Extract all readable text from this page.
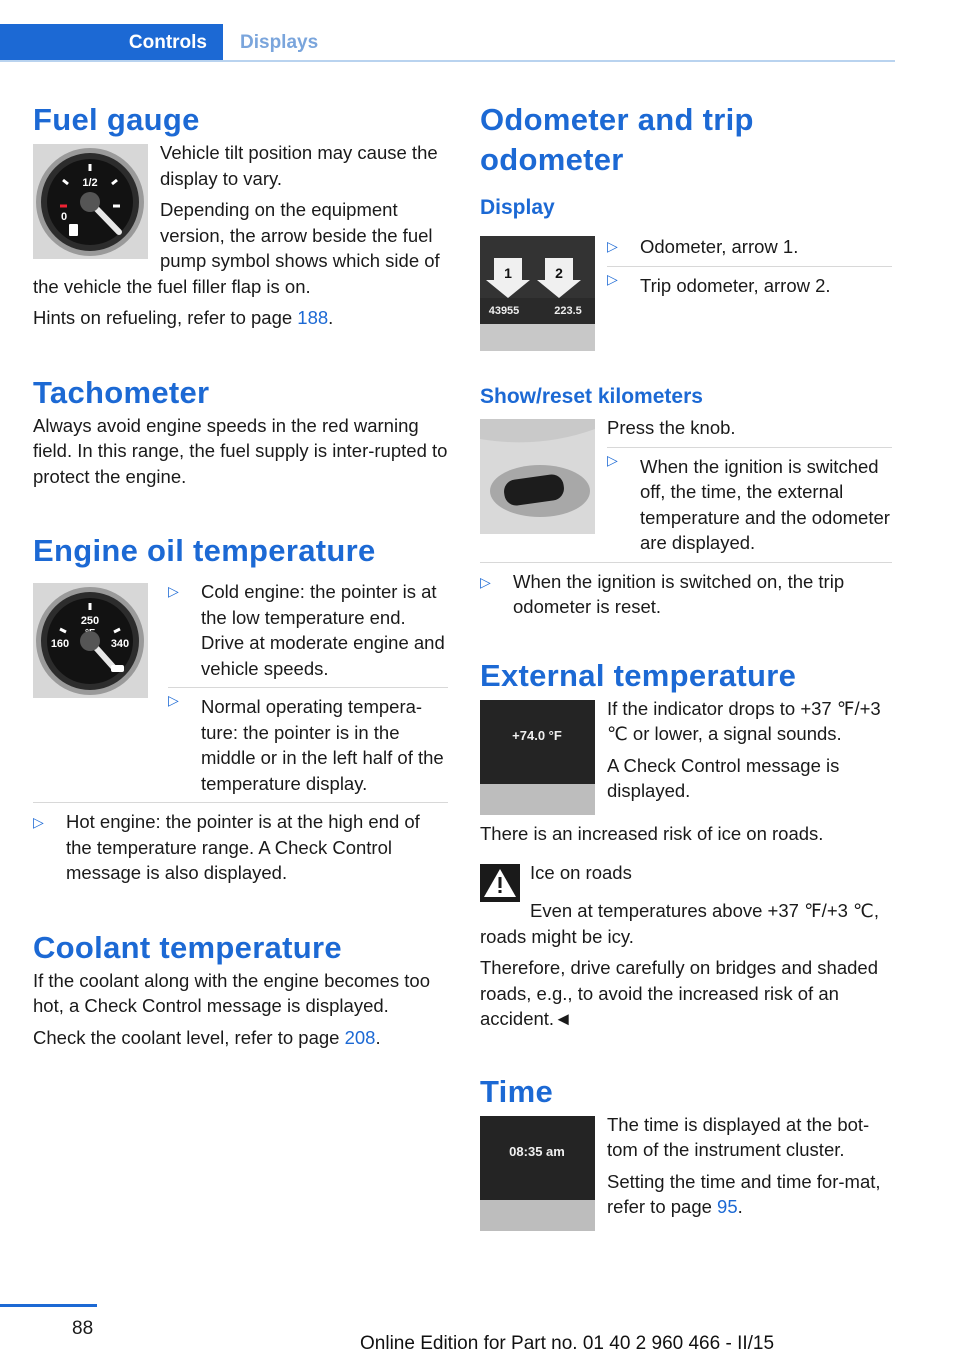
Controls	Displays
Fuel gauge
1/2
0

Vehicle tilt position may cause the display to vary.

Depending on the equipment version, the arrow beside the fuel pump symbol shows which side of the vehicle the fuel filler flap is on.

Hints on refueling, refer to page 188.

Tachometer

Always avoid engine speeds in the red warning field. In this range, the fuel supply is inter-rupted to protect the engine.

Engine oil temperature
250
160	340
▷ Cold engine: the pointer is at the low temperature end. Drive at moderate engine and vehicle speeds.
▷ Normal operating tempera-ture: the pointer is in the middle or in the left half of the temperature display.
▷ Hot engine: the pointer is at the high end of the temperature range. A Check Control message is also displayed.
Coolant temperature

If the coolant along with the engine becomes too hot, a Check Control message is displayed.

Check the coolant level, refer to page 208.

Odometer and trip odometer
Display
1	2
43955	223.5
▷ Odometer, arrow 1.
▷ Trip odometer, arrow 2.
Show/reset kilometers

Press the knob.

▷ When the ignition is switched off, the time, the external temperature and the odometer are displayed.
▷ When the ignition is switched on, the trip odometer is reset.
External temperature
+74.0 °F

If the indicator drops to +37 ℉/+3 ℃ or lower, a signal sounds.

A Check Control message is displayed.

There is an increased risk of ice on roads.

Ice on roads

Even at temperatures above +37 ℉/+3 ℃, roads might be icy.

Therefore, drive carefully on bridges and shaded roads, e.g., to avoid the increased risk of an accident.◄

Time
08:35 am

The time is displayed at the bot-tom of the instrument cluster.

Setting the time and time for-mat, refer to page 95.

88
Online Edition for Part no. 01 40 2 960 466 - II/15
